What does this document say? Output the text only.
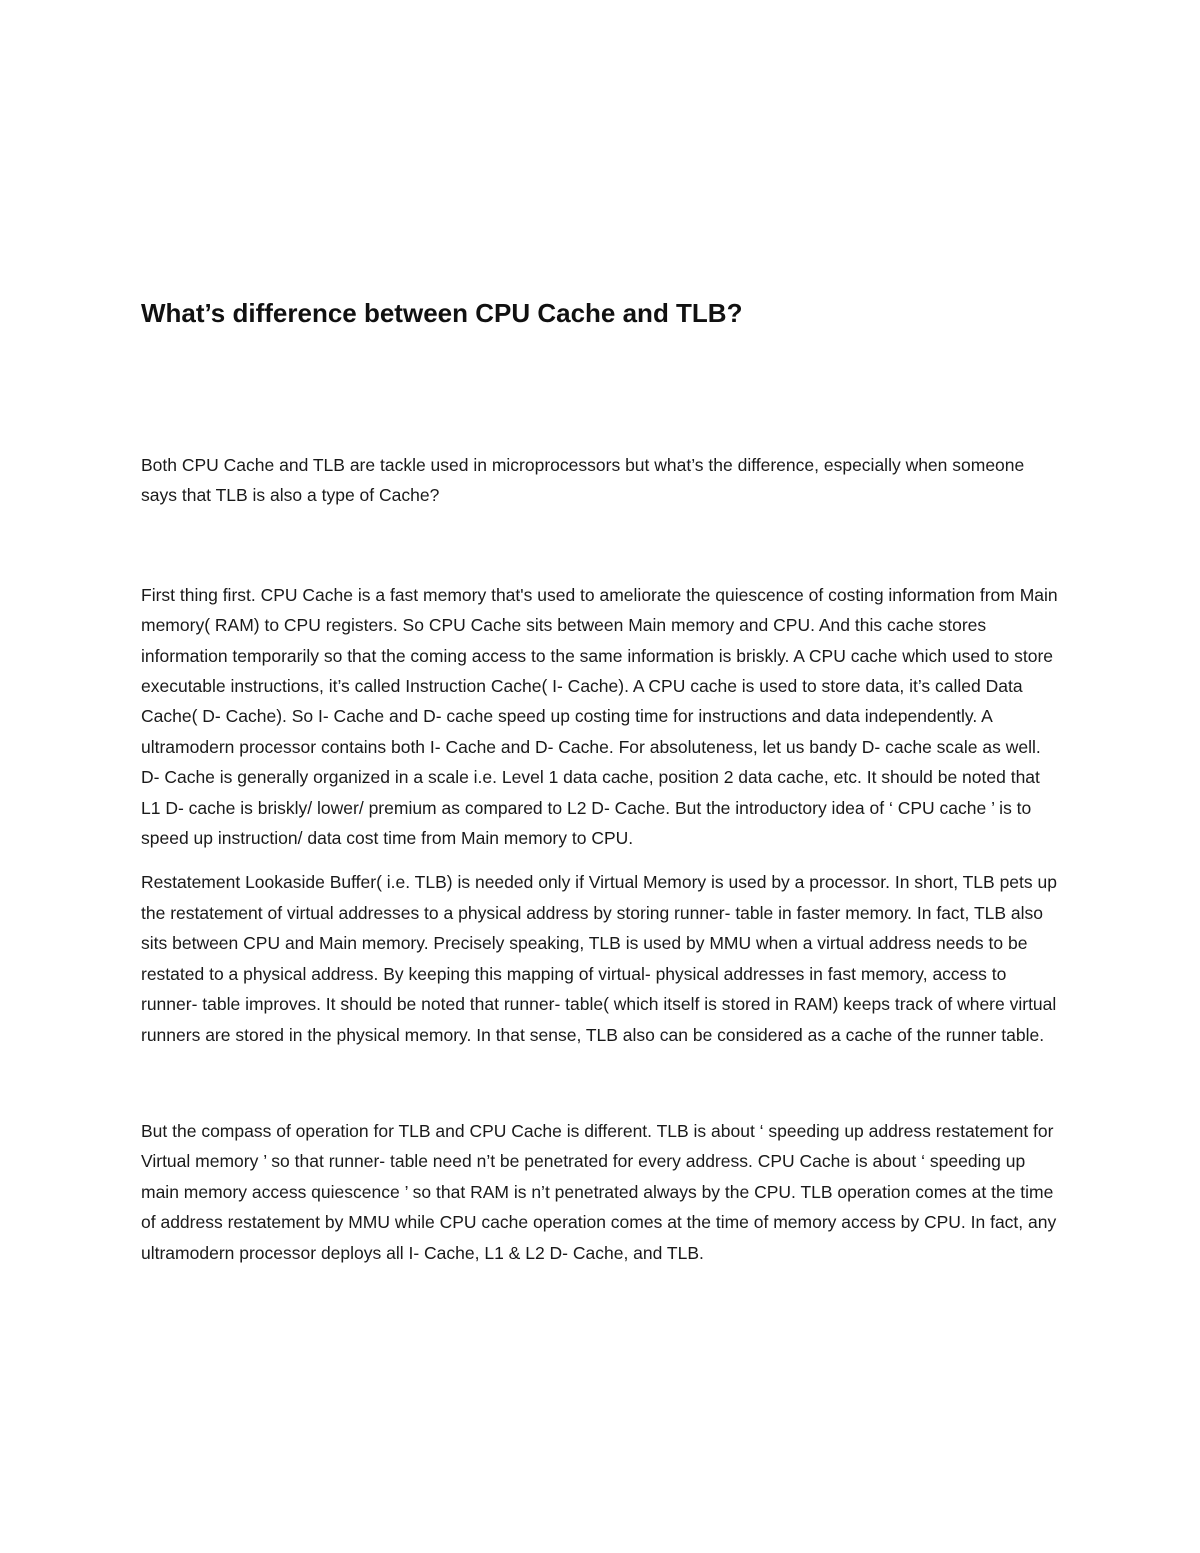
What’s difference between CPU Cache and TLB?

Both CPU Cache and TLB are tackle used in microprocessors but what’s the difference, especially when someone says that TLB is also a type of Cache?

First thing first. CPU Cache is a fast memory that's used to ameliorate the quiescence of costing information from Main memory( RAM) to CPU registers. So CPU Cache sits between Main memory and CPU. And this cache stores information temporarily so that the coming access to the same information is briskly. A CPU cache which used to store executable instructions, it’s called Instruction Cache( I- Cache). A CPU cache is used to store data, it’s called Data Cache( D- Cache). So I- Cache and D- cache speed up costing time for instructions and data independently. A ultramodern processor contains both I- Cache and D- Cache. For absoluteness, let us bandy D- cache scale as well. D- Cache is generally organized in a scale i.e. Level 1 data cache, position 2 data cache, etc. It should be noted that L1 D- cache is briskly/ lower/ premium as compared to L2 D- Cache. But the introductory idea of ‘ CPU cache ’ is to speed up instruction/ data cost time from Main memory to CPU.

Restatement Lookaside Buffer( i.e. TLB) is needed only if Virtual Memory is used by a processor. In short, TLB pets up the restatement of virtual addresses to a physical address by storing runner- table in faster memory. In fact, TLB also sits between CPU and Main memory. Precisely speaking, TLB is used by MMU when a virtual address needs to be restated to a physical address. By keeping this mapping of virtual- physical addresses in fast memory, access to runner- table improves. It should be noted that runner- table( which itself is stored in RAM) keeps track of where virtual runners are stored in the physical memory. In that sense, TLB also can be considered as a cache of the runner table.

But the compass of operation for TLB and CPU Cache is different. TLB is about ‘ speeding up address restatement for Virtual memory ’ so that runner- table need n’t be penetrated for every address. CPU Cache is about ‘ speeding up main memory access quiescence ’ so that RAM is n’t penetrated always by the CPU. TLB operation comes at the time of address restatement by MMU while CPU cache operation comes at the time of memory access by CPU. In fact, any ultramodern processor deploys all I- Cache, L1 & L2 D- Cache, and TLB.
